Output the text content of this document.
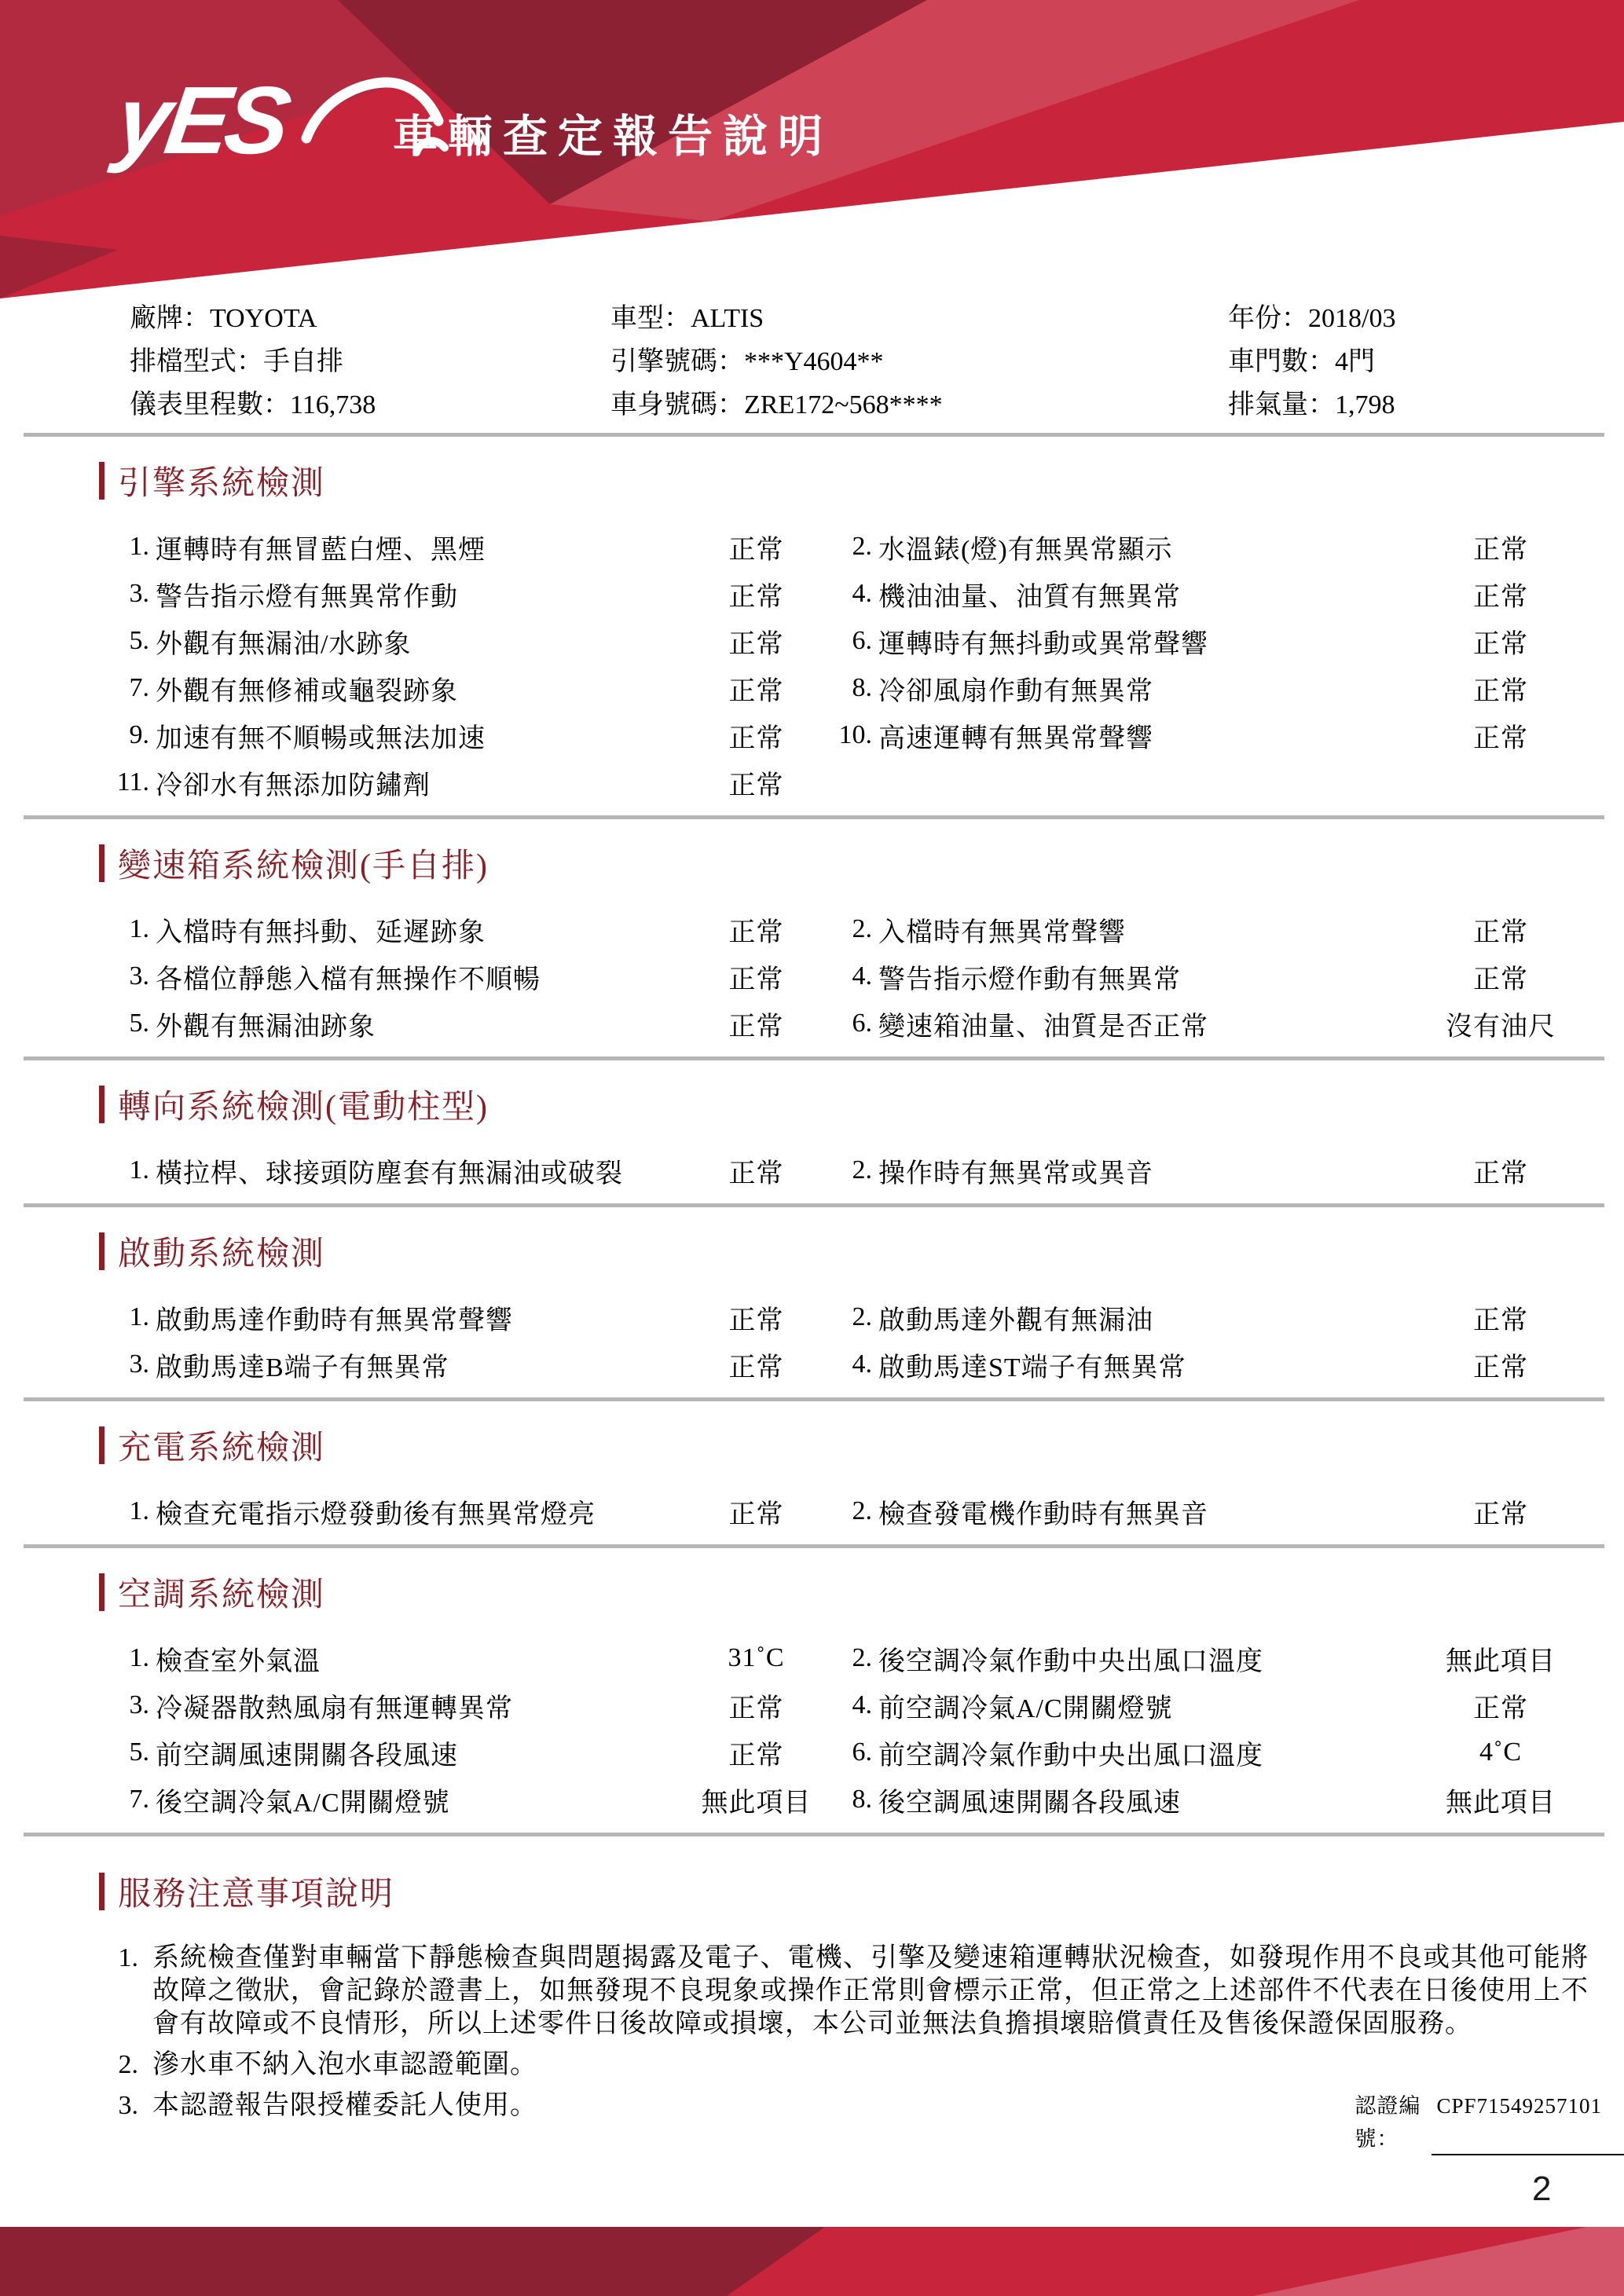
yES	車輛查定報告說明
廠牌：TOYOTA	車型：ALTIS	年份：2018/03
排檔型式：手自排	引擎號碼：***Y4604**	車門數：4門
儀表里程數：116,738	車身號碼：ZRE172~568****	排氣量：1,798
引擎系統檢測
1. 運轉時有無冒藍白煙、黑煙	正常	2. 水溫錶(燈)有無異常顯示	正常
3. 警告指示燈有無異常作動	正常	4. 機油油量、油質有無異常	正常
5. 外觀有無漏油/水跡象	正常	6. 運轉時有無抖動或異常聲響	正常
7. 外觀有無修補或龜裂跡象	正常	8. 冷卻風扇作動有無異常	正常
9. 加速有無不順暢或無法加速	正常	10. 高速運轉有無異常聲響	正常
11. 冷卻水有無添加防鏽劑	正常
變速箱系統檢測(手自排)
1. 入檔時有無抖動、延遲跡象	正常	2. 入檔時有無異常聲響	正常
3. 各檔位靜態入檔有無操作不順暢	正常	4. 警告指示燈作動有無異常	正常
5. 外觀有無漏油跡象	正常	6. 變速箱油量、油質是否正常	沒有油尺
轉向系統檢測(電動柱型)
1. 橫拉桿、球接頭防塵套有無漏油或破裂	正常	2. 操作時有無異常或異音	正常
啟動系統檢測
1. 啟動馬達作動時有無異常聲響	正常	2. 啟動馬達外觀有無漏油	正常
3. 啟動馬達B端子有無異常	正常	4. 啟動馬達ST端子有無異常	正常
充電系統檢測
1. 檢查充電指示燈發動後有無異常燈亮	正常	2. 檢查發電機作動時有無異音	正常
空調系統檢測
1. 檢查室外氣溫	31˚C	2. 後空調冷氣作動中央出風口溫度	無此項目
3. 冷凝器散熱風扇有無運轉異常	正常	4. 前空調冷氣A/C開關燈號	正常
5. 前空調風速開關各段風速	正常	6. 前空調冷氣作動中央出風口溫度	4˚C
7. 後空調冷氣A/C開關燈號	無此項目	8. 後空調風速開關各段風速	無此項目
服務注意事項說明
1. 系統檢查僅對車輛當下靜態檢查與問題揭露及電子、電機、引擎及變速箱運轉狀況檢查，如發現作用不良或其他可能將故障之徵狀，會記錄於證書上，如無發現不良現象或操作正常則會標示正常，但正常之上述部件不代表在日後使用上不會有故障或不良情形，所以上述零件日後故障或損壞，本公司並無法負擔損壞賠償責任及售後保證保固服務。
2. 滲水車不納入泡水車認證範圍。
3. 本認證報告限授權委託人使用。	認證編號：
CPF71549257101
2
